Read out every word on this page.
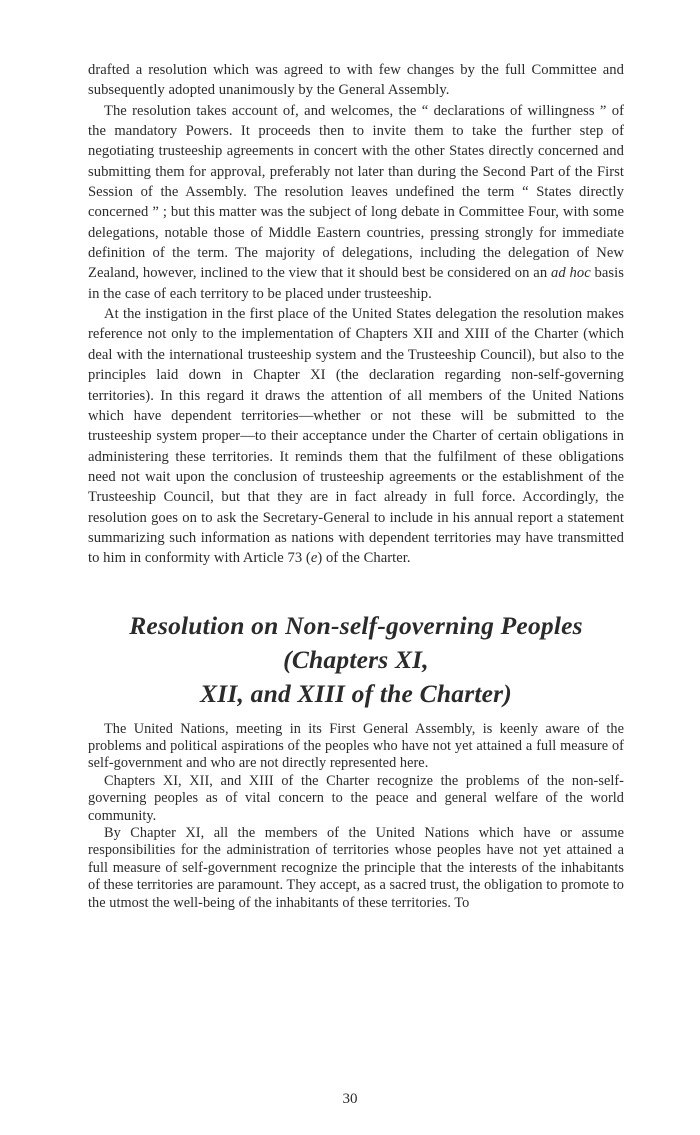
drafted a resolution which was agreed to with few changes by the full Committee and subsequently adopted unanimously by the General Assembly.

The resolution takes account of, and welcomes, the “ declarations of willingness ” of the mandatory Powers. It proceeds then to invite them to take the further step of negotiating trusteeship agreements in concert with the other States directly concerned and submitting them for approval, preferably not later than during the Second Part of the First Session of the Assembly. The resolution leaves undefined the term “ States directly concerned ” ; but this matter was the subject of long debate in Committee Four, with some delegations, notable those of Middle Eastern countries, pressing strongly for immediate definition of the term. The majority of delegations, including the delegation of New Zealand, however, inclined to the view that it should best be considered on an ad hoc basis in the case of each territory to be placed under trusteeship.

At the instigation in the first place of the United States delegation the resolution makes reference not only to the implementation of Chapters XII and XIII of the Charter (which deal with the international trusteeship system and the Trusteeship Council), but also to the principles laid down in Chapter XI (the declaration regarding non-self-governing territories). In this regard it draws the attention of all members of the United Nations which have dependent territories—whether or not these will be submitted to the trusteeship system proper—to their acceptance under the Charter of certain obligations in administering these territories. It reminds them that the fulfilment of these obligations need not wait upon the conclusion of trusteeship agreements or the establishment of the Trusteeship Council, but that they are in fact already in full force. Accordingly, the resolution goes on to ask the Secretary-General to include in his annual report a statement summarizing such information as nations with dependent territories may have transmitted to him in conformity with Article 73 (e) of the Charter.

Resolution on Non-self-governing Peoples (Chapters XI,
XII, and XIII of the Charter)

The United Nations, meeting in its First General Assembly, is keenly aware of the problems and political aspirations of the peoples who have not yet attained a full measure of self-government and who are not directly represented here.

Chapters XI, XII, and XIII of the Charter recognize the problems of the non-self-governing peoples as of vital concern to the peace and general welfare of the world community.

By Chapter XI, all the members of the United Nations which have or assume responsibilities for the administration of territories whose peoples have not yet attained a full measure of self-government recognize the principle that the interests of the inhabitants of these territories are paramount. They accept, as a sacred trust, the obligation to promote to the utmost the well-being of the inhabitants of these territories. To

30
